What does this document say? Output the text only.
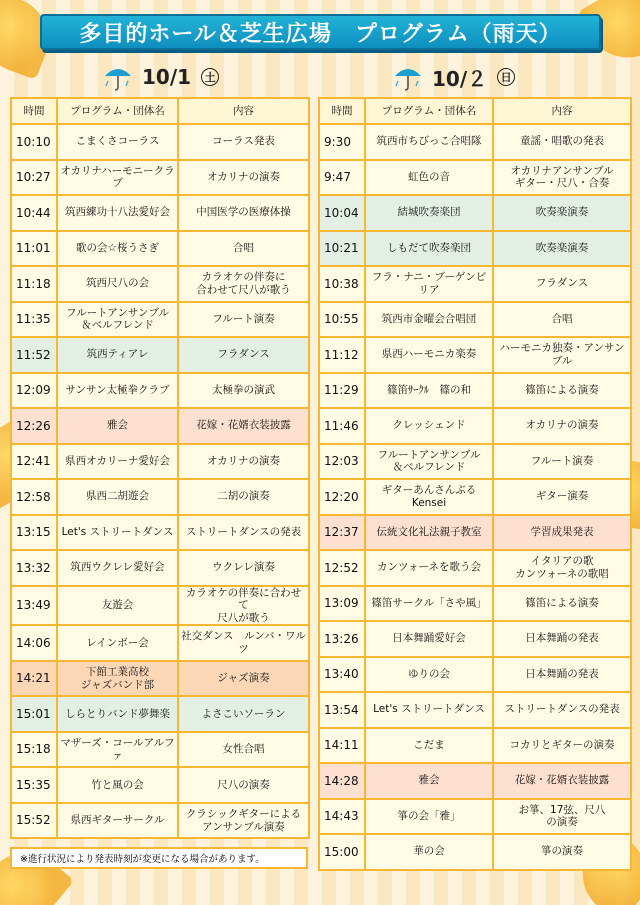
多目的ホール＆芝生広場　プログラム（雨天）
10/1	土	10/２	日
時間	プログラム・団体名	内容
10:10	こまくさコーラス	コーラス発表
10:27	オカリナハーモニークラブ	オカリナの演奏
10:44	筑西練功十八法愛好会	中国医学の医療体操
11:01	歌の会☆桜うさぎ	合唱
11:18	筑西尺八の会	カラオケの伴奏に
合わせて尺八が歌う
11:35	フルートアンサンブル
＆ベルフレンド	フルート演奏
11:52	筑西ティアレ	フラダンス
12:09	サンサン太極拳クラブ	太極拳の演武
12:26	雅会	花嫁・花婿衣装披露
12:41	県西オカリーナ愛好会	オカリナの演奏
12:58	県西二胡遊会	二胡の演奏
13:15	Let's ストリートダンス	ストリートダンスの発表
13:32	筑西ウクレレ愛好会	ウクレレ演奏
13:49	友遊会	カラオケの伴奏に合わせて
尺八が歌う
14:06	レインボー会	社交ダンス　ルンバ・ワルツ
14:21	下館工業高校
ジャズバンド部	ジャズ演奏
15:01	しらとりバンド夢舞楽	よさこいソーラン
15:18	マザーズ・コールアルファ	女性合唱
15:35	竹と風の会	尺八の演奏
15:52	県西ギターサークル	クラシックギターによる
アンサンブル演奏
時間	プログラム・団体名	内容
9:30	筑西市ちびっこ合唱隊	童謡・唱歌の発表
9:47	虹色の音	オカリナアンサンブル
ギター・尺八・合奏
10:04	結城吹奏楽団	吹奏楽演奏
10:21	しもだて吹奏楽団	吹奏楽演奏
10:38	フラ・ナニ・ブーゲンビリア	フラダンス
10:55	筑西市金曜会合唱団	合唱
11:12	県西ハーモニカ楽奏	ハーモニカ独奏・アンサンブル
11:29	篠笛ｻｰｸﾙ　篠の和	篠笛による演奏
11:46	クレッシェンド	オカリナの演奏
12:03	フルートアンサンブル
＆ベルフレンド	フルート演奏
12:20	ギターあんさんぶる
Kensei	ギター演奏
12:37	伝統文化礼法親子教室	学習成果発表
12:52	カンツォーネを歌う会	イタリアの歌
カンツォーネの歌唱
13:09	篠笛サークル「さや風」	篠笛による演奏
13:26	日本舞踊愛好会	日本舞踊の発表
13:40	ゆりの会	日本舞踊の発表
13:54	Let's ストリートダンス	ストリートダンスの発表
14:11	こだま	コカリとギターの演奏
14:28	雅会	花嫁・花婿衣装披露
14:43	箏の会「雅」	お箏、17弦、尺八
の演奏
15:00	華の会	箏の演奏
※進行状況により発表時刻が変更になる場合があります。
